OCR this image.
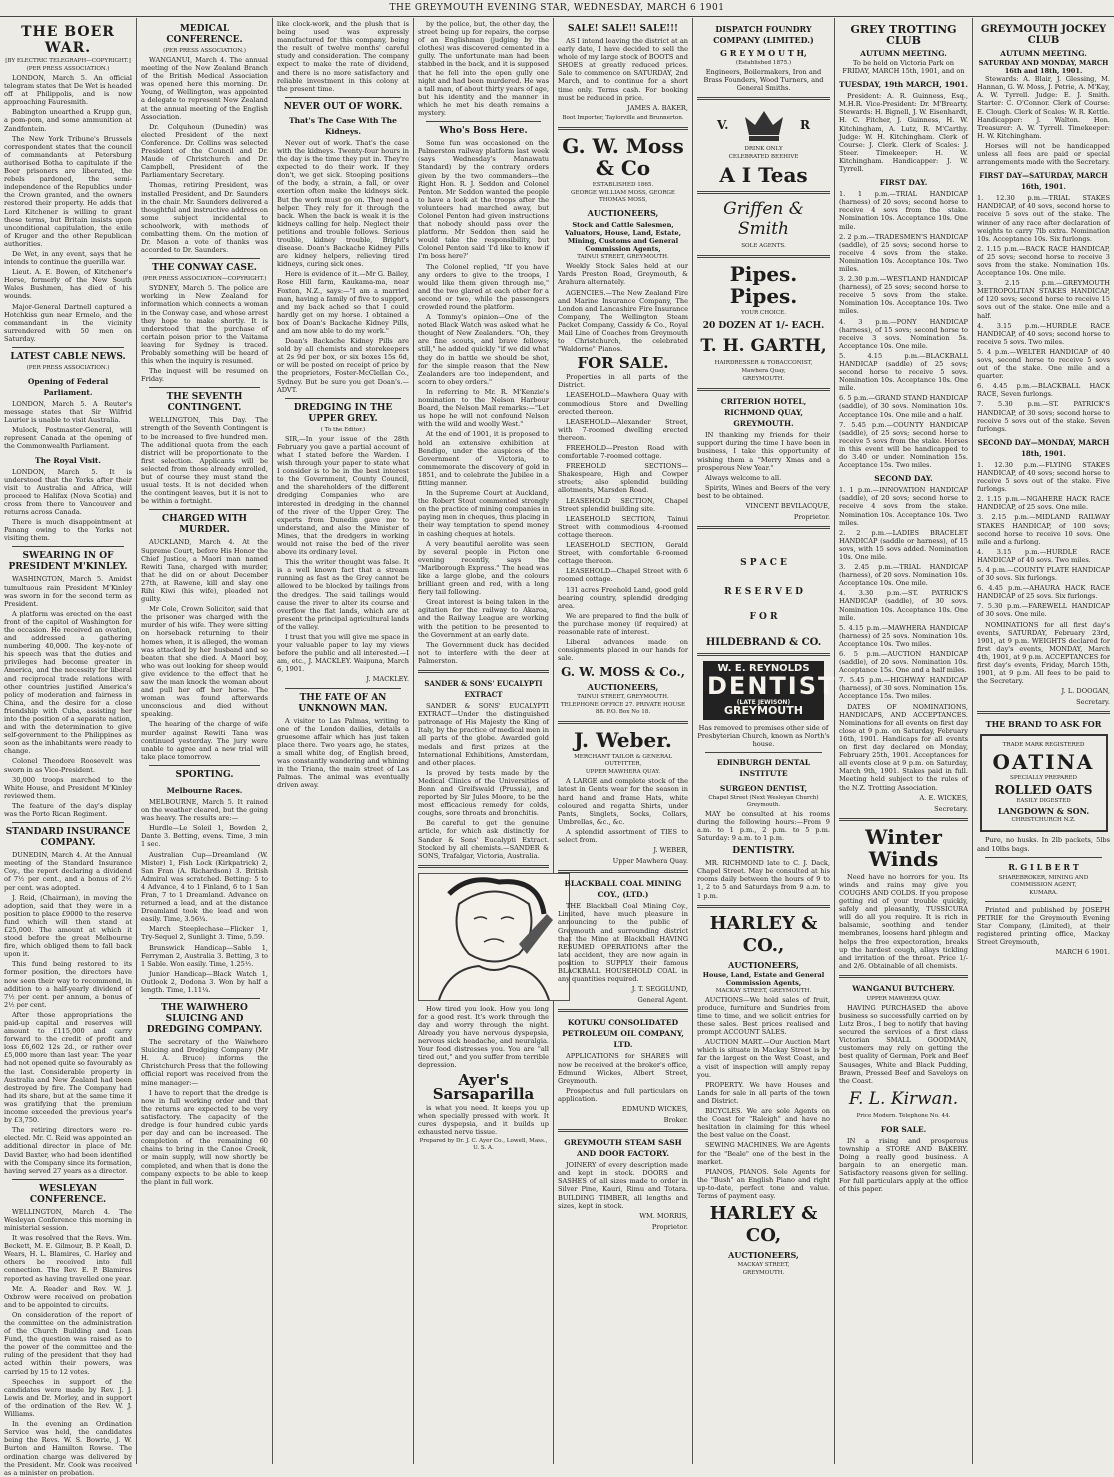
THE GREYMOUTH EVENING STAR, WEDNESDAY, MARCH 6 1901
THE BOER WAR.
[BY ELECTRIC TELEGRAPH—COPYRIGHT.]
(PER PRESS ASSOCIATION.)

LONDON, March 5. An official telegram states that De Wet is headed off at Philippolis, and is now approaching Fauresmith.

Babington unearthed a Krupp gun, a pom-pom, and some ammunition at Zandfontein.

The New York Tribune's Brussels correspondent states that the council of commandants at Petersburg authorised Botha to capitulate if the Boer prisoners are liberated, the rebels pardoned, the semi-independence of the Republics under the Crown granted, and the owners restored their property. He adds that Lord Kitchener is willing to grant these terms, but Britain insists upon unconditional capitulation, the exile of Kruger and the other Republican authorities.

De Wet, in any event, says that he intends to continue the guerilla war.

Lieut. A. E. Bowen, of Kitchener's Horse, formerly of the New South Wales Bushmen, has died of his wounds.

Major-General Dartnell captured a Hotchkiss gun near Ermelo, and the commandant in the vicinity surrendered with 50 men on Saturday.

LATEST CABLE NEWS.
(PER PRESS ASSOCIATION.)
Opening of Federal Parliament.

LONDON, March 5. A Reuter's message states that Sir Wilfrid Laurier is unable to visit Australia.

Mulock, Postmaster-General, will represent Canada at the opening of the Commonwealth Parliament.

The Royal Visit.

LONDON, March 5. It is understood that the Yorks after their visit to Australia and Africa, will proceed to Halifax (Nova Scotia) and cross from there to Vancouver and returns across Canada.

There is much disappointment at Panang owing to the Yorks not visiting them.

SWEARING IN OF PRESIDENT M'KINLEY.

WASHINGTON, March 5. Amidst tumultuous rain President M'Kinley was sworn in for the second term as President.

A platform was erected on the east front of the capitol of Washington for the occasion. He received an ovation, and addressed a gathering numbering 40,000. The key-note of his speech was that the duties and privileges had become greater in America, and the necessity for liberal and reciprocal trade relations with other countries justified America's policy of moderation and fairness in China, and the desire for a close friendship with Cuba, assisting her into the position of a separate nation, and with the determination to give self-government to the Philippines as soon as the inhabitants were ready to change.

Colonel Theodore Roosevelt was sworn in as Vice-President.

30,000 troops marched to the White House, and President M'Kinley reviewed them.

The feature of the day's display was the Porto Rican Regiment.

STANDARD INSURANCE COMPANY.

DUNEDIN, March 4. At the Annual meeting of the Standard Insurance Coy., the report declaring a dividend of 7½ per cent., and a bonus of 2½ per cent. was adopted.

J. Reid, (Chairman), in moving the adoption, said that they were in a position to place £9000 to the reserve fund which will then stand at £25,000. The amount at which it stood before the great Melbourne fire, which obliged them to fall back upon it.

This fund being restored to its former position, the directors have now seen their way to recommend, in addition to a half-yearly dividend of 7½ per cent. per annum, a bonus of 2½ per cent.

After those appropriations the paid-up capital and reserves will amount to £115,000 and carry forward to the credit of profit and loss £6,602 12s 2d., or rather over £5,000 more than last year. The year had not opened quite so favourably as the last. Considerable property in Australia and New Zealand had been destroyed by fire. The Company had had its share, but at the same time it was gratifying that the premium income exceeded the previous year's by £3,750.

The retiring directors were re-elected. Mr. C. Reid was appointed an additional director in place of Mr. David Baxter, who had been identified with the Company since its formation, having served 27 years as a director.

WESLEYAN CONFERENCE.

WELLINGTON, March 4. The Wesleyan Conference this morning in ministerial session.

It was resolved that the Revs. Wm. Beckett, M. E. Gilmour, B. P. Keall, D. Wears, H. L. Blamires, C. Harley and others be received into full connection. The Rev. E. P. Blamires reported as having travelled one year.

Mr. A. Reader and Rev. W. J. Oxbrow were received on probation and to be appointed to circuits.

On consideration of the report of the committee on the administration of the Church Building and Loan Fund, the question was raised as to the power of the committee and the ruling of the president that they had acted within their powers, was carried by 15 to 12 votes.

Speeches in support of the candidates were made by Rev. J. J. Lewis and Dr. Morley, and in support of the ordination of the Rev. W. J. Williams.

In the evening an Ordination Service was held, the candidates being the Revs. W. S. Bowrie, J. W. Burton and Hamilton Rowse. The ordination charge was delivered by the President. Mr. Cook was received as a minister on probation.

MEDICAL CONFERENCE.
(PER PRESS ASSOCIATION.)

WANGANUI, March 4. The annual meeting of the New Zealand Branch of the British Medical Association was opened here this morning. Dr. Young, of Wellington, was appointed a delegate to represent New Zealand at the annual meeting of the English Association.

Dr. Colquhoun (Dunedin) was elected President of the next Conference. Dr. Collins was selected President of the Council and Dr. Maude of Christchurch and Dr. Campbell, President of the Parliamentary Secretary.

Thomas, retiring President, was installed President, and Dr. Saunders in the chair. Mr. Saunders delivered a thoughtful and instructive address on some subject incidental to schoolwork, with methods of combatting them. On the motion of Dr. Mason a vote of thanks was accorded to Dr. Saunders.

THE CONWAY CASE.
(PER PRESS ASSOCIATION—COPYRIGHT.)

SYDNEY, March 5. The police are working in New Zealand for information which connects a woman in the Conway case, and whose arrest they hope to make shortly. It is understood that the purchase of certain poison prior to the Vaitama leaving for Sydney is traced. Probably something will be heard of this when the inquiry is resumed.

The inquest will be resumed on Friday.

THE SEVENTH CONTINGENT.

WELLINGTON, This Day. The strength of the Seventh Contingent is to be increased to five hundred men. The additional quota from the each district will be proportionate to the first selection. Applicants will be selected from those already enrolled, but of course they must stand the usual tests. It is not decided when the contingent leaves, but it is not to be within a fortnight.

CHARGED WITH MURDER.

AUCKLAND, March 4. At the Supreme Court, before His Honor the Chief Justice, a Maori man named Rewiti Tana, charged with murder, that he did on or about December 27th, at Rawene, kill and slay one Rihi Kiwi (his wife), pleaded not guilty.

Mr Cole, Crown Solicitor, said that the prisoner was charged with the murder of his wife. They were sitting on horseback returning to their homes when, it is alleged, the woman was attacked by her husband and so beaten that she died. A Maori boy, who was out looking for sheep would give evidence to the effect that he saw the man knock the woman about and pull her off her horse. The woman was found afterwards unconscious and died without speaking.

The hearing of the charge of wife murder against Rewiti Tana was continued yesterday. The jury were unable to agree and a new trial will take place tomorrow.

SPORTING.
Melbourne Races.

MELBOURNE, March 5. It rained on the weather cleared, but the going was heavy. The results are:—

Hurdle—Le Soleil 1, Bowden 2, Dante 3. Betting, evens. Time, 3 min 1 sec.

Australian Cup—Dreamland (W. Mister) 1, Fish Lock (Kirkpatrick) 2, San Fran (A. Richardson) 3. British Admiral was scratched. Betting: 5 to 4 Advance, 4 to 1 Finland, 6 to 1 San Fran, 7 to 1 Dreamland. Advance on returned a lead, and at the distance Dreamland took the lead and won easily. Time, 3.56¼.

March Steeplechase—Flicker 1, Try-Sequel 2, Sunlight 3. Time, 5.59.

Brunswick Handicap—Sable 1, Ferryman 2, Australia 3. Betting, 3 to 1 Sable. Won easily. Time, 1.25½.

Junior Handicap—Black Watch 1, Outlook 2, Dodona 3. Won by half a length. Time, 1.11¼.

THE WAIWHERO SLUICING AND DREDGING COMPANY.

The secretary of the Waiwhero Sluicing and Dredging Company (Mr H. A. Bruce) informs the Christchurch Press that the following official report was received from the mine manager:—

I have to report that the dredge is now in full working order and that the returns are expected to be very satisfactory. The capacity of the dredge is four hundred cubic yards per day and can be increased. The completion of the remaining 60 chains to bring in the Canoe Creek, or main supply, will now shortly be completed, and when that is done the company expects to be able to keep the plant in full work.

like clock-work, and the plush that is being used was expressly manufactured for this company, being the result of twelve months' careful study and consideration. The company expect to make the rate of dividend, and there is no more satisfactory and reliable investment in this colony at the present time.

NEVER OUT OF WORK.
That's The Case With The
Kidneys.

Never out of work. That's the case with the kidneys. Twenty-four hours in the day is the time they put in. They're expected to do their work. If they don't, we get sick. Stooping positions of the body, a strain, a fall, or over exertion often make the kidneys sick. But the work must go on. They need a helper. They rely for it through the back. When the back is weak it is the kidneys calling for help. Neglect their petitions and trouble follows. Serious trouble, kidney trouble, Bright's disease. Doan's Backache Kidney Pills are kidney helpers, relieving tired kidneys, curing sick ones.

Here is evidence of it.—Mr G. Bailey, Rose Hill farm, Kaukama-ma, near Foxton, N.Z., says:—"I am a married man, having a family of five to support, and my back ached so that I could hardly get on my horse. I obtained a box of Doan's Backache Kidney Pills, and am now able to do my work."

Doan's Backache Kidney Pills are sold by all chemists and storekeepers at 2s 9d per box, or six boxes 15s 6d, or will be posted on receipt of price by the proprietors, Foster-McClellan Co., Sydney. But be sure you get Doan's.—ADVT.

DREDGING IN THE UPPER GREY.
( To the Editor.)

SIR,—In your issue of the 28th February you gave a partial account of what I stated before the Warden. I wish through your paper to state what I consider is to be in the best interest to the Government, County Council, and the shareholders of the different dredging Companies who are interested in dredging in the channel of the river of the Upper Grey. The experts from Dunedin gave me to understand, and also the Minister of Mines, that the dredgers in working would not raise the bed of the river above its ordinary level.

This the writer thought was false. It is a well known fact that a stream running as fast as the Grey cannot be allowed to be blocked by tailings from the dredges. The said tailings would cause the river to alter its course and overflow the flat lands, which are at present the principal agricultural lands of the valley.

I trust that you will give me space in your valuable paper to lay my views before the public and all interested.—I am, etc., J. MACKLEY. Waipuna, March 6, 1901.

J. MACKLEY.
THE FATE OF AN UNKNOWN MAN.

A visitor to Las Palmas, writing to one of the London dailies, details a gruesome affair which has just taken place there. Two years ago, he states, a small white dog, of English breed, was constantly wandering and whining in the Triana, the main street of Las Palmas. The animal was eventually driven away.

by the police, but, the other day, the street being up for repairs, the corpse of an Englishman (judging by the clothes) was discovered cemented in a gully. The unfortunate man had been stabbed in the back, and it is supposed that he fell into the open gully one night and had been murdered. He was a tall man, of about thirty years of age, but his identity and the manner in which he met his death remains a mystery.

Who's Boss Here.

Some fun was occasioned on the Palmerston railway platform last week (says Wednesday's Manawatu Standard) by the contrary orders given by the two commanders—the Right Hon. R. J. Seddon and Colonel Penton. Mr Seddon wanted the people to have a look at the troops after the volunteers had marched away, but Colonel Penton had given instructions that nobody should pass over the platform. Mr Seddon then said he would take the responsibility, but Colonel Penton said 'I'd like to know if I'm boss here?'

The Colonel replied, "If you have any orders to give to the troops, I would like them given through me," and the two glared at each other for a second or two, while the passengers crowded round the platform.

A Tommy's opinion—One of the noted Black Watch was asked what he thought of New Zealanders. "Oh, they are fine scouts, and brave fellows; still," he added quickly "if we did what they do in battle we should be shot, for the simple reason that the New Zealanders are too independent, and scorn to obey orders."

In referring to Mr. R. M'Kenzie's nomination to the Nelson Harbour Board, the Nelson Mail remarks:—"Let us hope he will not confound Nelson with the wild and woolly West."

At the end of 1901, it is proposed to hold an extensive exhibition at Bendigo, under the auspices of the Government of Victoria, to commemorate the discovery of gold in 1851, and to celebrate the Jubilee in a fitting manner.

In the Supreme Court at Auckland, the Robert Stout commented strongly on the practice of mining companies in paying men in cheques, thus placing in their way temptation to spend money in cashing cheques at hotels.

A very beautiful aerolite was seen by several people in Picton one evening recently, says the "Marlborough Express." The head was like a large globe, and the colours brilliant green and red, with a long fiery tail following.

Great interest is being taken in the agitation for the railway to Akaroa, and the Railway League are working with the petition to be presented to the Government at an early date.

The Government duck has decided not to interfere with the deer at Palmerston.

SANDER & SONS' EUCALYPTI EXTRACT

SANDER & SONS' EUCALYPTI EXTRACT—Under the distinguished patronage of His Majesty the King of Italy, by the practice of medical men in all parts of the globe. Awarded gold medals and first prizes at the International Exhibitions, Amsterdam, and other places.

Is proved by tests made by the Medical Clinics of the Universities of Bonn and Greifswald (Prussia), and reported by Sir Jules Moore, to be the most efficacious remedy for colds, coughs, sore throats and bronchitis.

Be careful to get the genuine article, for which ask distinctly for Sander & Sons' Eucalypti Extract. Stocked by all chemists.—SANDER & SONS, Trafalgar, Victoria, Australia.

How tired you look. How you long for a good rest. It's work through the day and worry through the night. Already you have nervous dyspepsia, nervous sick headache, and neuralgia. Your food distresses you. You are "all tired out," and you suffer from terrible depression.

Ayer's Sarsaparilla

is what you need. It keeps you up when specially pressed with work. It cures dyspepsia, and it builds up exhausted nerve tissue.

Prepared by Dr. J. C. Ayer Co., Lowell, Mass., U. S. A.
SALE! SALE!! SALE!!!

AS I intend leaving the district at an early date, I have decided to sell the whole of my large stock of BOOTS and SHOES at greatly reduced prices. Sale to commence on SATURDAY, 2nd March, and to continue for a short time only. Terms cash. For booking must be reduced in price.

JAMES A. BAKER,
Boot Importer, Taylorville and Brunnerton.
G. W. Moss & Co
ESTABLISHED 1865.
GEORGE WILLIAM MOSS, GEORGE THOMAS MOSS,
AUCTIONEERS,
Stock and Cattle Salesmen, Valuators, House, Land, Estate, Mining, Customs and General Commission Agents,
TAINUI STREET, GREYMOUTH.

Weekly Stock Sales held at our Yards Preston Road, Greymouth, & Arahura alternately.

AGENCIES.—The New Zealand Fire and Marine Insurance Company, The London and Lancashire Fire Insurance Company, The Wellington Steam Packet Company, Cassidy & Co., Royal Mail Line of Coaches from Greymouth to Christchurch, the celebrated "Waldorne" Pianos.

FOR SALE.

Properties in all parts of the District.

LEASEHOLD—Mawhera Quay with commodious Store and Dwelling erected thereon.

LEASEHOLD—Alexander Street, with 7-roomed dwelling erected thereon.

FREEHOLD—Preston Road with comfortable 7-roomed cottage.

FREEHOLD SECTIONS—Shakespeare, High and Cowper streets; also splendid building allotments, Marsden Road.

LEASEHOLD SECTION, Chapel Street splendid building site.

LEASEHOLD SECTION, Tainui Street with commodious 4-roomed cottage thereon.

LEASEHOLD SECTION, Gerald Street, with comfortable 6-roomed cottage thereon.

LEASEHOLD—Chapel Street with 6 roomed cottage.

131 acres Freehold Land, good gold bearing country, splendid dredging area.

We are prepared to find the bulk of the purchase money (if required) at reasonable rate of interest.

Liberal advances made on consignments placed in our hands for sale.

G. W. MOSS & Co.,
AUCTIONEERS,
TAINUI STREET, GREYMOUTH.
TELEPHONE OFFICE 27. PRIVATE HOUSE 88. P.O. Box No 18.
J. Weber.
MERCHANT TAILOR & GENERAL OUTFITTER,
UPPER MAWHERA QUAY.

A LARGE and complete stock of the latest in Gents wear for the season in hard hand and frame Hats, white coloured and regatta Shirts, under Pants, Singlets, Socks, Collars, Umbrellas, &c., &c.

A splendid assortment of TIES to select from.

J. WEBER,
Upper Mawhera Quay.
BLACKBALL COAL MINING COY., (LTD.)

THE Blackball Coal Mining Coy., Limited, have much pleasure in announcing to the public of Greymouth and surrounding district that the Mine at Blackball HAVING RESUMED OPERATIONS after the late accident, they are now again in position to SUPPLY their famous BLACKBALL HOUSEHOLD COAL in any quantities required.

J. T. SEGGLUND,
General Agent.
KOTUKU CONSOLIDATED PETROLEUM OIL COMPANY, LTD.

APPLICATIONS for SHARES will now be received at the broker's office, Edmund Wickes, Albert Street, Greymouth.

Prospectus and full particulars on application.

EDMUND WICKES,
Broker.
GREYMOUTH STEAM SASH AND DOOR FACTORY.

JOINERY of every description made and kept in stock. DOORS and SASHES of all sizes made to order in Silver Pine, Kauri, Rimu and Totara. BUILDING TIMBER, all lengths and sizes, kept in stock.

WM. MORRIS,
Proprietor.
DISPATCH FOUNDRY COMPANY (LIMITED.)
G R E Y M O U T H,
(Established 1875.)
Engineers, Boilermakers, Iron and Brass Founders, Wood Turners, and General Smiths.
V.	R
DRINK ONLY
CELEBRATED BEEHIVE
A I Teas
Griffen & Smith
SOLE AGENTS.
Pipes. Pipes.
YOUR CHOICE.
20 DOZEN AT 1/- EACH.
T. H. GARTH,
HAIRDRESSER & TOBACCONIST,
Mawhera Quay,
GREYMOUTH.
CRITERION HOTEL, RICHMOND QUAY, GREYMOUTH.

IN thanking my friends for their support during the time I have been in business, I take this opportunity of wishing them a "Merry Xmas and a prosperous New Year."

Always welcome to all.

Spirits, Wines and Beers of the very best to be obtained.

VINCENT BEVILACQUE,
Proprietor.
S P A C E
R E S E R V E D
F O R
HILDEBRAND & CO.
W. E. REYNOLDS
DENTIST
(LATE JEWISON)
GREYMOUTH
Has removed to premises other side of Presbyterian Church, known as North's house.
EDINBURGH DENTAL INSTITUTE
SURGEON DENTIST,
Chapel Street (Next Wesleyan Church) Greymouth.

MAY be consulted at his rooms during the following hours:—From 9 a.m. to 1 p.m., 2 p.m. to 5 p.m. Saturday: 9 a.m. to 1 p.m.

DENTISTRY.

MR. RICHMOND late to C. J. Dack, Chapel Street. May be consulted at his rooms daily between the hours of 9 to 1, 2 to 5 and Saturdays from 9 a.m. to 1 p.m.

HARLEY & CO.,
AUCTIONEERS,
House, Land, Estate and General Commission Agents,
MACKAY STREET, GREYMOUTH.

AUCTIONS—We hold sales of fruit, produce, furniture and Sundries from time to time, and we solicit entries for these sales. Best prices realised and prompt ACCOUNT SALES.

AUCTION MART.—Our Auction Mart which is situate in Mackay Street is by far the largest on the West Coast, and a visit of inspection will amply repay you.

PROPERTY. We have Houses and Lands for sale in all parts of the town and District.

BICYCLES. We are sole Agents on the Coast for "Raleigh" and have no hesitation in claiming for this wheel the best value on the Coast.

SEWING MACHINES. We are Agents for the "Beale" one of the best in the market.

PIANOS, PIANOS. Sole Agents for the "Bush" an English Piano and right up-to-date, perfect tone and value. Terms of payment easy.

HARLEY & CO,
AUCTIONEERS,
MACKAY STREET,
GREYMOUTH.
GREY TROTTING CLUB
AUTUMN MEETING.
To be held on Victoria Park on FRIDAY, MARCH 15th, 1901, and on
TUESDAY, 19th MARCH, 1901.

President: A. R. Guinness, Esq., M.H.R. Vice-President: Dr. M'Brearty. Stewards: H. Bignell, J. W. Eisenhardt, H. C. Fitcher, J. Guinness, H. W. Kitchingham, A. Lutz, R. M'Carthy. Judge: W. H. Kitchingham. Clerk of Course: J. Clerk. Clerk of Scales: J. Steer. Timekeeper: H. W. Kitchingham. Handicapper: J. W. Tyrrell.

FIRST DAY.

1. 1 p.m.—TRIAL HANDICAP (harness) of 20 sovs; second horse to receive 4 sovs from the stake. Nomination 10s. Acceptance 10s. One mile.

2. 2 p.m.—TRADESMEN'S HANDICAP (saddle), of 25 sovs; second horse to receive 4 sovs from the stake. Nomination 10s. Acceptance 10s. Two miles.

3. 2.30 p.m.—WESTLAND HANDICAP (harness), of 25 sovs; second horse to receive 5 sovs from the stake. Nomination 10s. Acceptance 10s. Two miles.

4. 3 p.m.—PONY HANDICAP (harness), of 15 sovs; second horse to receive 3 sovs. Nomination 5s. Acceptance 10s. One mile.

5. 4.15 p.m.—BLACKBALL HANDICAP (saddle) of 25 sovs; second horse to receive 5 sovs. Nomination 10s. Acceptance 10s. One mile.

6. 5 p.m.—GRAND STAND HANDICAP (saddle), of 30 sovs. Nomination 10s. Acceptance 10s. One mile and a half.

7. 5.45 p.m.—COUNTY HANDICAP (saddle), of 25 sovs; second horse to receive 5 sovs from the stake. Horses in this event will be handicapped to do 3.40 or under. Nomination 15s. Acceptance 15s. Two miles.

SECOND DAY.

1. 1 p.m.—INNOVATION HANDICAP (saddle), of 20 sovs; second horse to receive 4 sovs from the stake. Nomination 10s. Acceptance 10s. Two miles.

2. 2 p.m.—LADIES BRACELET HANDICAP (saddle or harness), of 15 sovs, with 15 sovs added. Nomination 10s. One mile.

3. 2.45 p.m.—TRIAL HANDICAP (harness), of 20 sovs. Nomination 10s. Acceptance 10s. One mile.

4. 3.30 p.m.—ST. PATRICK'S HANDICAP (saddle), of 30 sovs. Nomination 10s. Acceptance 10s. One mile.

5. 4.15 p.m.—MAWHERA HANDICAP (harness) of 25 sovs. Nomination 10s. Acceptance 10s. Two miles.

6. 5 p.m.—AUCTION HANDICAP (saddle), of 20 sovs. Nomination 10s. Acceptance 15s. One and a half miles.

7. 5.45 p.m.—HIGHWAY HANDICAP (harness), of 30 sovs. Nomination 15s. Acceptance 15s. Two miles.

DATES OF NOMINATIONS, HANDICAPS, AND ACCEPTANCES. Nominations for all events on first day close at 9 p.m. on Saturday, February 16th, 1901. Handicaps for all events on first day declared on Monday, February 25th, 1901. Acceptances for all events close at 9 p.m. on Saturday, March 9th, 1901. Stakes paid in full. Meeting held subject to the rules of the N.Z. Trotting Association.

A. E. WICKES,
Secretary.
Winter Winds

Need have no horrors for you. Its winds and rains may give you COUGHS AND COLDS. If you propose getting rid of your trouble quickly, safely and pleasantly, TUSSICURA will do all you require. It is rich in balsamic, soothing and tender membranes, loosens hard phlegm and helps the free expectoration, breaks up the hardest cough, allays tickling and irritation of the throat. Price 1/- and 2/6. Obtainable of all chemists.

WANGANUI BUTCHERY.
UPPER MAWHERA QUAY.

HAVING PURCHASED the above business so successfully carried on by Lutz Bros., I beg to notify that having secured the services of a first class Victorian SMALL GOODMAN, customers may rely on getting the best quality of German, Pork and Beef Sausages, White and Black Pudding, Brawn, Pressed Beef and Saveloys on the Coast.

F. L. Kirwan.
Price Modern. Telephone No. 44.
FOR SALE.

IN a rising and prosperous township a STORE AND BAKERY. Doing a really good business. A bargain to an energetic man. Satisfactory reasons given for selling. For full particulars apply at the office of this paper.

GREYMOUTH JOCKEY CLUB
AUTUMN MEETING.
SATURDAY AND MONDAY, MARCH 16th and 18th, 1901.

Stewards: A. Blair, J. Glessing, M. Hannan, G. W. Moss, J. Petrie, A. M'Kay, A. W. Tyrrell. Judge: E. J. Smith. Starter: C. O'Connor. Clerk of Course: E. Clough. Clerk of Scales: W. R. Kettle. Handicapper: J. Walton. Hon. Treasurer: A. W. Tyrrell. Timekeeper: H. W. Kitchingham.

Horses will not be handicapped unless all fees are paid or special arrangements made with the Secretary.

FIRST DAY—SATURDAY, MARCH 16th, 1901.

1. 12.30 p.m.—TRIAL STAKES HANDICAP, of 40 sovs, second horse to receive 5 sovs out of the stake. The winner of any race after declaration of weights to carry 7lb extra. Nomination 10s. Acceptance 10s. Six furlongs.

2. 1.15 p.m.—BACK RACE HANDICAP, of 25 sovs; second horse to receive 3 sovs from the stake. Nomination 10s. Acceptance 10s. One mile.

3. 2.15 p.m.—GREYMOUTH METROPOLITAN STAKES HANDICAP, of 120 sovs; second horse to receive 15 sovs out of the stake. One mile and a half.

4. 3.15 p.m.—HURDLE RACE HANDICAP, of 40 sovs; second horse to receive 5 sovs. Two miles.

5. 4 p.m.—WELTER HANDICAP of 40 sovs, second horse to receive 5 sovs out of the stake. One mile and a quarter.

6. 4.45 p.m.—BLACKBALL HACK RACE, Seven furlongs.

7. 5.30 p.m.—ST. PATRICK'S HANDICAP, of 30 sovs; second horse to receive 5 sovs out of the stake. Seven furlongs.

SECOND DAY—MONDAY, MARCH 18th, 1901.

1. 12.30 p.m.—FLYING STAKES HANDICAP, of 40 sovs; second horse to receive 5 sovs out of the stake. Five furlongs.

2. 1.15 p.m.—NGAHERE HACK RACE HANDICAP, of 25 sovs. One mile.

3. 2.15 p.m.—MIDLAND RAILWAY STAKES HANDICAP, of 100 sovs; second horse to receive 10 sovs. One mile and a furlong.

4. 3.15 p.m.—HURDLE RACE HANDICAP of 40 sovs. Two miles.

5. 4 p.m.—COUNTY PLATE HANDICAP of 30 sovs. Six furlongs.

6. 4.45 p.m.—AHAURA HACK RACE HANDICAP of 25 sovs. Six furlongs.

7. 5.30 p.m.—FAREWELL HANDICAP of 30 sovs. One mile.

NOMINATIONS for all first day's events, SATURDAY, February 23rd, 1901, at 9 p.m. WEIGHTS declared for first day's events, MONDAY, March 4th, 1901, at 9 p.m. ACCEPTANCES for first day's events, Friday, March 15th, 1901, at 9 p.m. All fees to be paid to the Secretary.

J. L. DOOGAN,
Secretary.
THE BRAND TO ASK FOR
TRADE MARK REGISTERED
OATINA
SPECIALLY PREPARED
ROLLED OATS
EASILY DIGESTED
LANGDOWN & SON.
CHRISTCHURCH N.Z.

Pure, no husks. In 2lb packets, 5lbs and 10lbs bags.

R. G I L B E R T
SHAREBROKER, MINING AND COMMISSION AGENT,
KUMARA.

Printed and published by JOSEPH PETRIE for the Greymouth Evening Star Company, (Limited), at their registered printing office, Mackay Street Greymouth,

MARCH 6 1901.
